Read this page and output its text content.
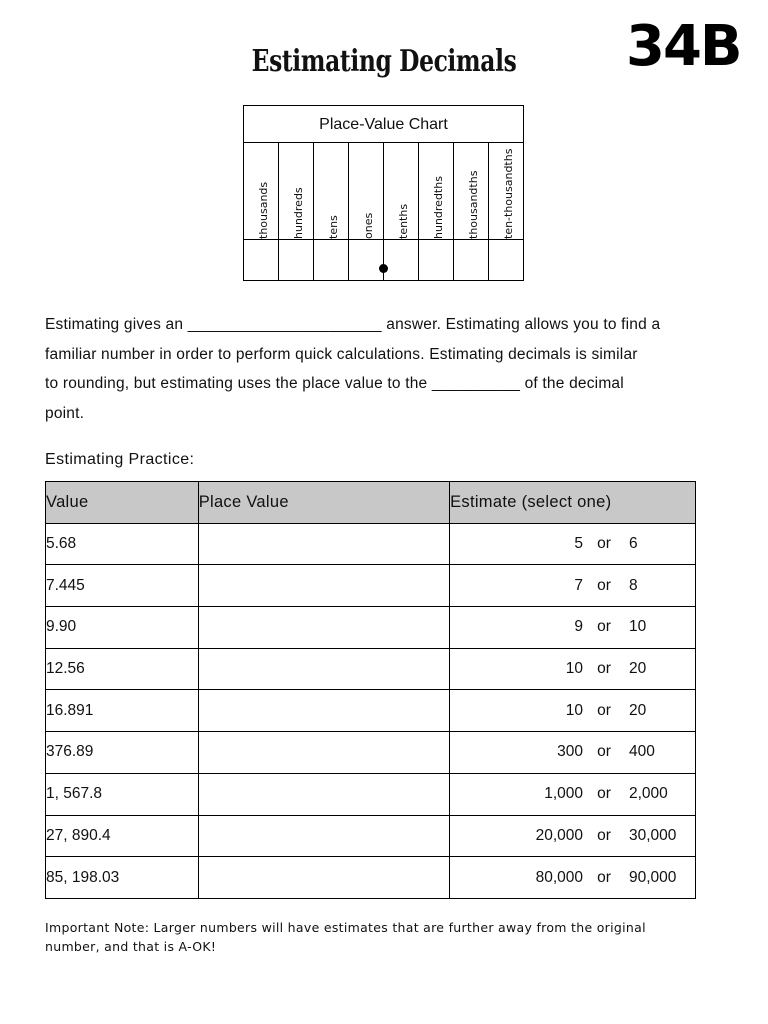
Estimating Decimals	34B
Place-Value Chart
thousands	hundreds	tens	ones	tenths	hundredths	thousandths	ten-thousandths
Estimating gives an ______________________ answer. Estimating allows you to find a
familiar number in order to perform quick calculations. Estimating decimals is similar
to rounding, but estimating uses the place value to the __________ of the decimal
point.
Estimating Practice:
Value	Place Value	Estimate (select one)
5.68		5 or 6

7.445		7 or 8

9.90		9 or 10

12.56		10 or 20

16.891		10 or 20

376.89		300 or 400

1, 567.8		1,000 or 2,000

27, 890.4		20,000 or 30,000

85, 198.03		80,000 or 90,000
Important Note: Larger numbers will have estimates that are further away from the original
number, and that is A-OK!
